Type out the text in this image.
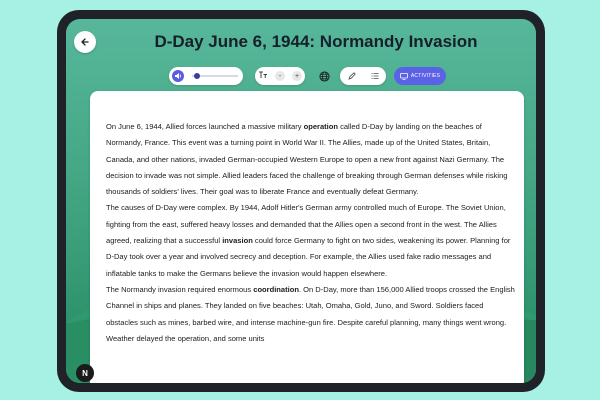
D-Day June 6, 1944: Normandy Invasion
-	+	ACTIVITIES

On June 6, 1944, Allied forces launched a massive military operation called D-Day by landing on the beaches of Normandy, France. This event was a turning point in World War II. The Allies, made up of the United States, Britain, Canada, and other nations, invaded German-occupied Western Europe to open a new front against Nazi Germany. The decision to invade was not simple. Allied leaders faced the challenge of breaking through German defenses while risking thousands of soldiers' lives. Their goal was to liberate France and eventually defeat Germany.

The causes of D-Day were complex. By 1944, Adolf Hitler's German army controlled much of Europe. The Soviet Union, fighting from the east, suffered heavy losses and demanded that the Allies open a second front in the west. The Allies agreed, realizing that a successful invasion could force Germany to fight on two sides, weakening its power. Planning for D-Day took over a year and involved secrecy and deception. For example, the Allies used fake radio messages and inflatable tanks to make the Germans believe the invasion would happen elsewhere.

The Normandy invasion required enormous coordination. On D-Day, more than 156,000 Allied troops crossed the English Channel in ships and planes. They landed on five beaches: Utah, Omaha, Gold, Juno, and Sword. Soldiers faced obstacles such as mines, barbed wire, and intense machine-gun fire. Despite careful planning, many things went wrong. Weather delayed the operation, and some units

N
